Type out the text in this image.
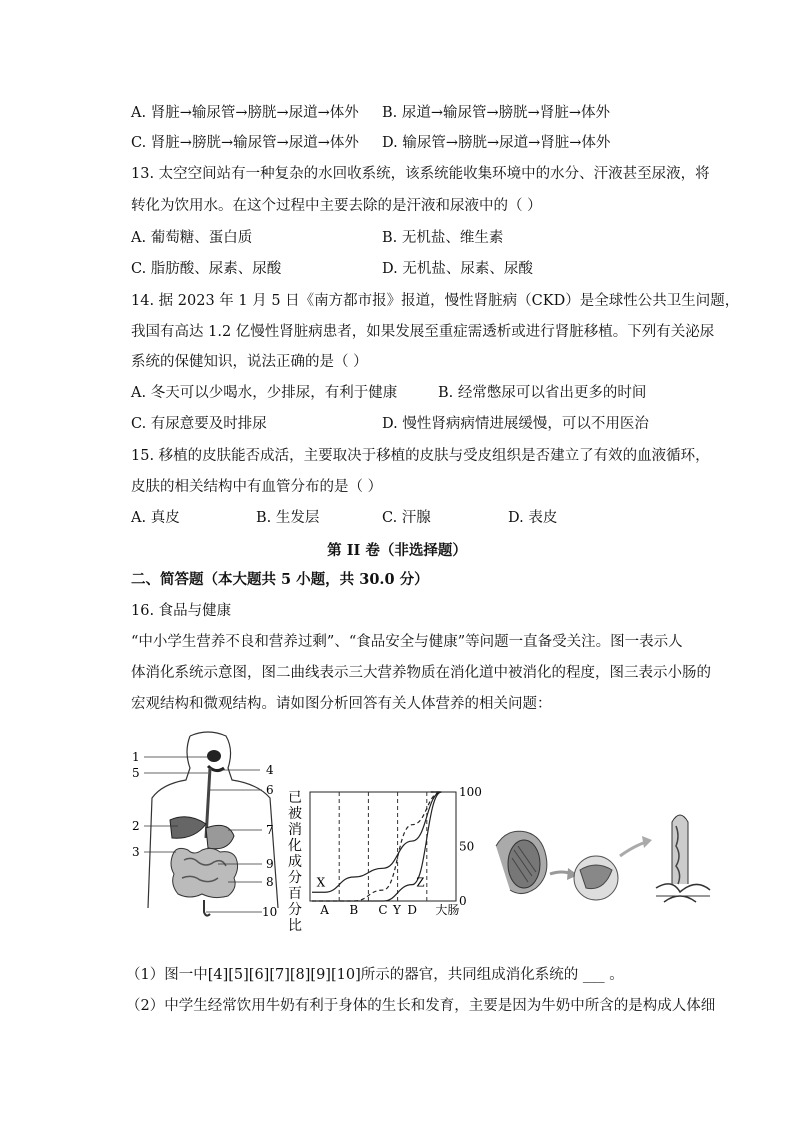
A. 肾脏→输尿管→膀胱→尿道→体外 B. 尿道→输尿管→膀胱→肾脏→体外
C. 肾脏→膀胱→输尿管→尿道→体外 D. 输尿管→膀胱→尿道→肾脏→体外
13. 太空空间站有一种复杂的水回收系统，该系统能收集环境中的水分、汗液甚至尿液，将
转化为饮用水。在这个过程中主要去除的是汗液和尿液中的（ ）
A. 葡萄糖、蛋白质	B. 无机盐、维生素
C. 脂肪酸、尿素、尿酸	D. 无机盐、尿素、尿酸
14. 据 2023 年 1 月 5 日《南方都市报》报道，慢性肾脏病（CKD）是全球性公共卫生问题，
我国有高达 1.2 亿慢性肾脏病患者，如果发展至重症需透析或进行肾脏移植。下列有关泌尿
系统的保健知识，说法正确的是（ ）
A. 冬天可以少喝水，少排尿，有利于健康	B. 经常憋尿可以省出更多的时间
C. 有尿意要及时排尿	D. 慢性肾病病情进展缓慢，可以不用医治
15. 移植的皮肤能否成活，主要取决于移植的皮肤与受皮组织是否建立了有效的血液循环，
皮肤的相关结构中有血管分布的是（ ）
A. 真皮	B. 生发层	C. 汗腺	D. 表皮
第 II 卷（非选择题）
二、简答题（本大题共 5 小题，共 30.0 分）
16. 食品与健康
“中小学生营养不良和营养过剩”、“食品安全与健康”等问题一直备受关注。图一表示人
体消化系统示意图，图二曲线表示三大营养物质在消化道中被消化的程度，图三表示小肠的
宏观结构和微观结构。请如图分析回答有关人体营养的相关问题：
1
5
2
3
4
6
7
9
8
10
已
被
消
化
成
分
百
分
比
A B C D 大肠
100
50
0
X
Y
Z
（1）图一中[4][5][6][7][8][9][10]所示的器官，共同组成消化系统的 ___ 。
（2）中学生经常饮用牛奶有利于身体的生长和发育，主要是因为牛奶中所含的是构成人体细
